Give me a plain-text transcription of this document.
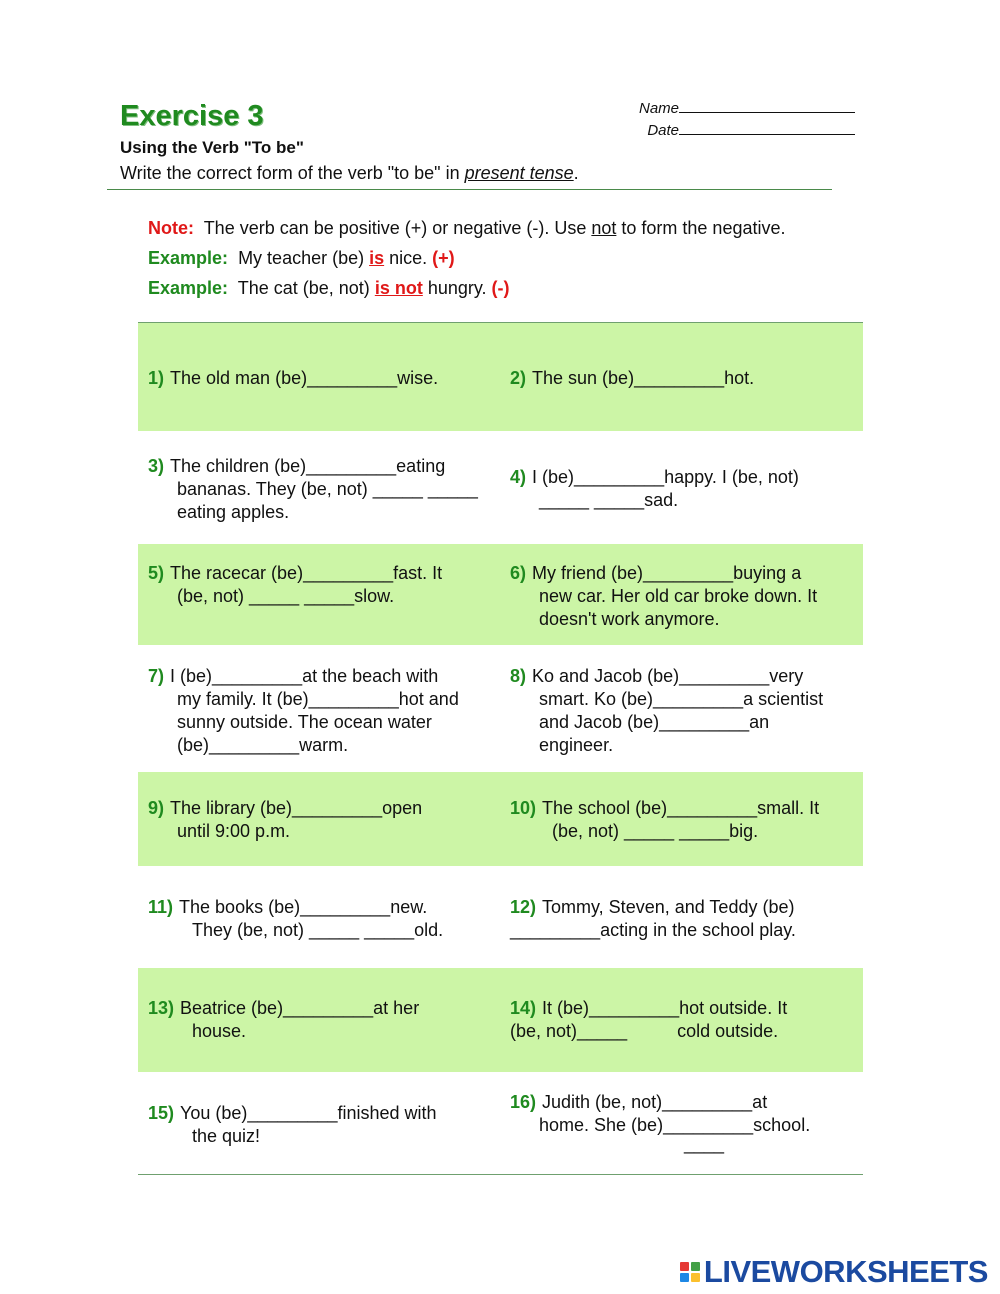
Exercise 3
Using the Verb "To be"
Write the correct form of the verb "to be" in present tense.
Name
Date
Note: The verb can be positive (+) or negative (-). Use not to form the negative.
Example: My teacher (be) is nice. (+)
Example: The cat (be, not) is not hungry. (-)
1) The old man (be)_________wise.	2) The sun (be)_________hot.
3) The children (be)_________eating
bananas. They (be, not) _____ _____
eating apples.
4) I (be)_________happy. I (be, not)
_____ _____sad.
5) The racecar (be)_________fast. It
(be, not) _____ _____slow.
6) My friend (be)_________buying a
new car. Her old car broke down. It
doesn't work anymore.
7) I (be)_________at the beach with
my family. It (be)_________hot and
sunny outside. The ocean water
(be)_________warm.
8) Ko and Jacob (be)_________very
smart. Ko (be)_________a scientist
and Jacob (be)_________an
engineer.
9) The library (be)_________open
until 9:00 p.m.
10) The school (be)_________small. It
(be, not) _____ _____big.
11) The books (be)_________new.
They (be, not) _____ _____old.
12) Tommy, Steven, and Teddy (be)
_________acting in the school play.
13) Beatrice (be)_________at her
house.
14) It (be)_________hot outside. It
(be, not)_____          cold outside.
15) You (be)_________finished with
the quiz!
16) Judith (be, not)_________at
home. She (be)_________school.
____
LIVEWORKSHEETS
